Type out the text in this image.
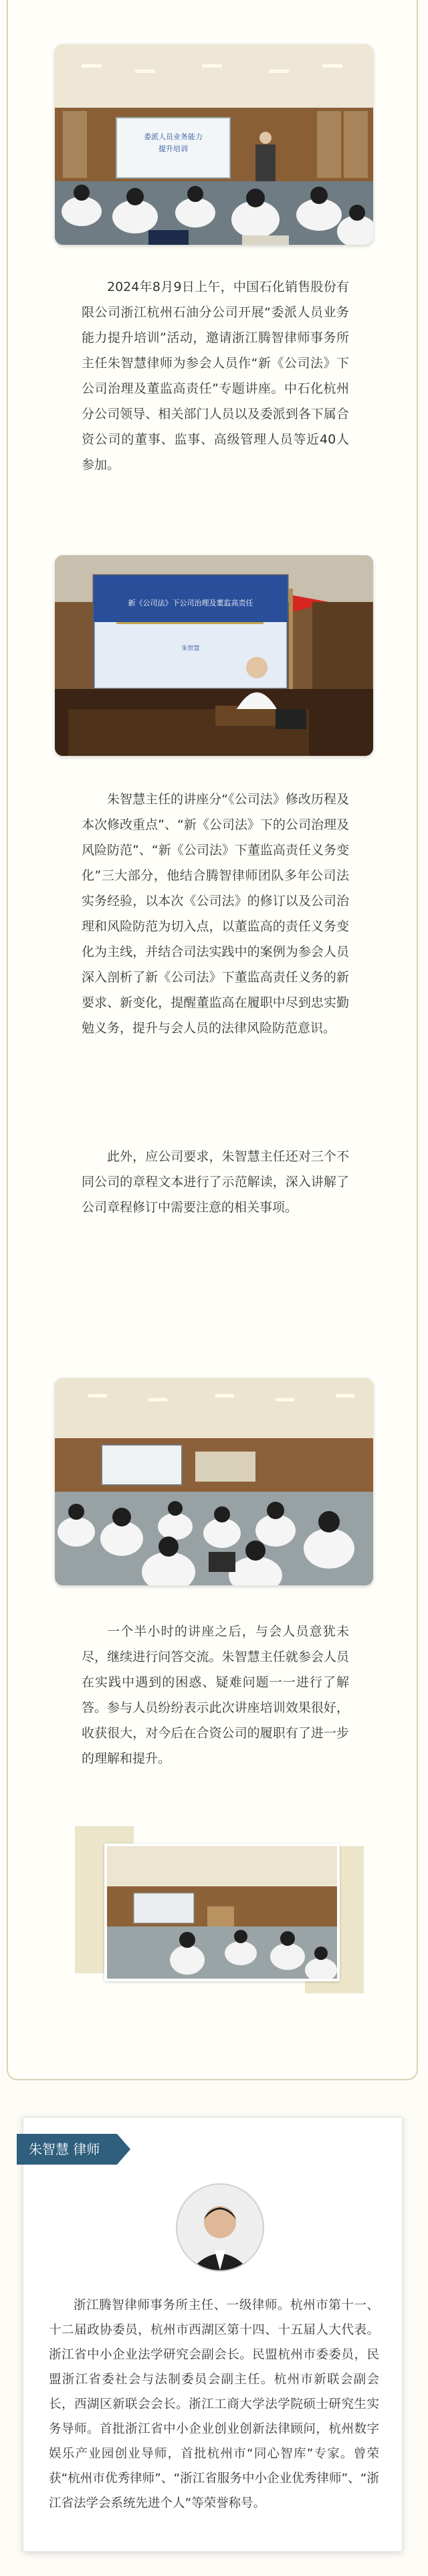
委派人员业务能力
提升培训

2024年8月9日上午，中国石化销售股份有限公司浙江杭州石油分公司开展“委派人员业务能力提升培训”活动，邀请浙江腾智律师事务所主任朱智慧律师为参会人员作“新《公司法》下公司治理及董监高责任”专题讲座。中石化杭州分公司领导、相关部门人员以及委派到各下属合资公司的董事、监事、高级管理人员等近40人参加。

新《公司法》下公司治理及董监高责任
朱智慧

朱智慧主任的讲座分“《公司法》修改历程及本次修改重点”、“新《公司法》下的公司治理及风险防范”、“新《公司法》下董监高责任义务变化”三大部分，他结合腾智律师团队多年公司法实务经验，以本次《公司法》的修订以及公司治理和风险防范为切入点，以董监高的责任义务变化为主线，并结合司法实践中的案例为参会人员深入剖析了新《公司法》下董监高责任义务的新要求、新变化，提醒董监高在履职中尽到忠实勤勉义务，提升与会人员的法律风险防范意识。

此外，应公司要求，朱智慧主任还对三个不同公司的章程文本进行了示范解读，深入讲解了公司章程修订中需要注意的相关事项。

一个半小时的讲座之后，与会人员意犹未尽，继续进行问答交流。朱智慧主任就参会人员在实践中遇到的困惑、疑难问题一一进行了解答。参与人员纷纷表示此次讲座培训效果很好，收获很大，对今后在合资公司的履职有了进一步的理解和提升。

朱智慧 律师

浙江腾智律师事务所主任、一级律师。杭州市第十一、十二届政协委员，杭州市西湖区第十四、十五届人大代表。浙江省中小企业法学研究会副会长。民盟杭州市委委员，民盟浙江省委社会与法制委员会副主任。杭州市新联会副会长，西湖区新联会会长。浙江工商大学法学院硕士研究生实务导师。首批浙江省中小企业创业创新法律顾问，杭州数字娱乐产业园创业导师，首批杭州市“同心智库”专家。曾荣获“杭州市优秀律师”、“浙江省服务中小企业优秀律师”、“浙江省法学会系统先进个人”等荣誉称号。
